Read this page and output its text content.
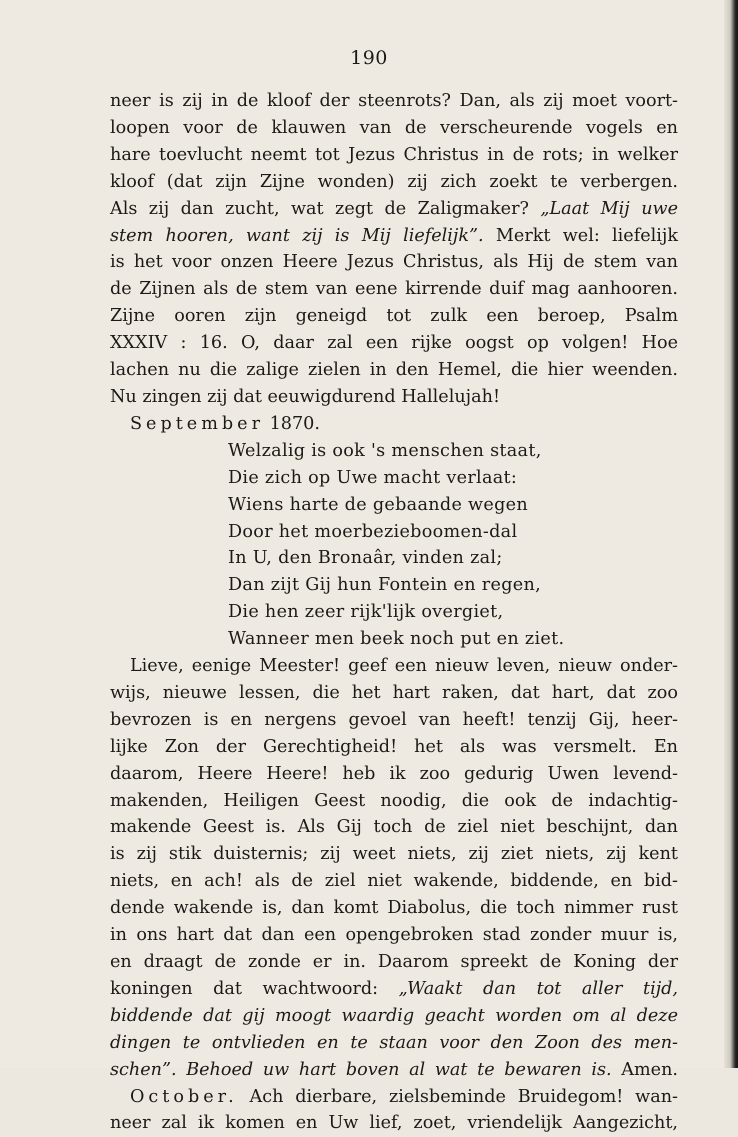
190
neer is zij in de kloof der steenrots? Dan, als zij moet voort-
loopen voor de klauwen van de verscheurende vogels en
hare toevlucht neemt tot Jezus Christus in de rots; in welker
kloof (dat zijn Zijne wonden) zij zich zoekt te verbergen.
Als zij dan zucht, wat zegt de Zaligmaker? „Laat Mij uwe
stem hooren, want zij is Mij liefelijk”. Merkt wel: liefelijk
is het voor onzen Heere Jezus Christus, als Hij de stem van
de Zijnen als de stem van eene kirrende duif mag aanhooren.
Zijne ooren zijn geneigd tot zulk een beroep, Psalm
XXXIV : 16. O, daar zal een rijke oogst op volgen! Hoe
lachen nu die zalige zielen in den Hemel, die hier weenden.
Nu zingen zij dat eeuwigdurend Hallelujah!
September 1870.
Welzalig is ook 's menschen staat,
Die zich op Uwe macht verlaat:
Wiens harte de gebaande wegen
Door het moerbezieboomen-dal
In U, den Bronaâr, vinden zal;
Dan zijt Gij hun Fontein en regen,
Die hen zeer rijk'lijk overgiet,
Wanneer men beek noch put en ziet.
Lieve, eenige Meester! geef een nieuw leven, nieuw onder-
wijs, nieuwe lessen, die het hart raken, dat hart, dat zoo
bevrozen is en nergens gevoel van heeft! tenzij Gij, heer-
lijke Zon der Gerechtigheid! het als was versmelt. En
daarom, Heere Heere! heb ik zoo gedurig Uwen levend-
makenden, Heiligen Geest noodig, die ook de indachtig-
makende Geest is. Als Gij toch de ziel niet beschijnt, dan
is zij stik duisternis; zij weet niets, zij ziet niets, zij kent
niets, en ach! als de ziel niet wakende, biddende, en bid-
dende wakende is, dan komt Diabolus, die toch nimmer rust
in ons hart dat dan een opengebroken stad zonder muur is,
en draagt de zonde er in. Daarom spreekt de Koning der
koningen dat wachtwoord: „Waakt dan tot aller tijd,
biddende dat gij moogt waardig geacht worden om al deze
dingen te ontvlieden en te staan voor den Zoon des men-
schen”. Behoed uw hart boven al wat te bewaren is. Amen.
October. Ach dierbare, zielsbeminde Bruidegom! wan-
neer zal ik komen en Uw lief, zoet, vriendelijk Aangezicht,
